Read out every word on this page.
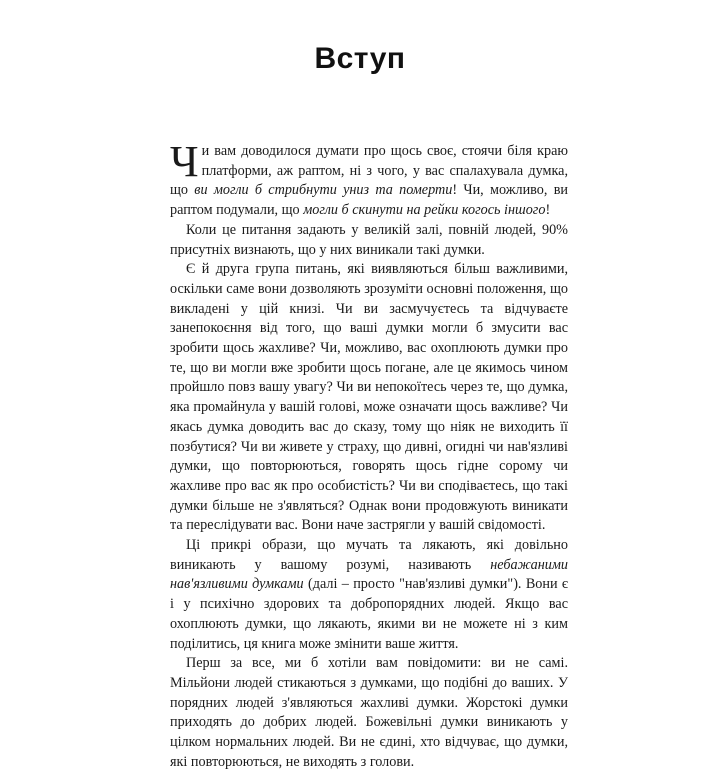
Вступ

Чи вам доводилося думати про щось своє, стоячи біля краю платформи, аж раптом, ні з чого, у вас спалахувала думка, що ви могли б стрибнути униз та померти! Чи, можливо, ви раптом подумали, що могли б скинути на рейки когось іншого!

Коли це питання задають у великій залі, повній людей, 90% присутніх визнають, що у них виникали такі думки.

Є й друга група питань, які виявляються більш важливими, оскільки саме вони дозволяють зрозуміти основні положення, що викладені у цій книзі. Чи ви засмучуєтесь та відчуваєте занепокоєння від того, що ваші думки могли б змусити вас зробити щось жахливе? Чи, можливо, вас охоплюють думки про те, що ви могли вже зробити щось погане, але це якимось чином пройшло повз вашу увагу? Чи ви непокоїтесь через те, що думка, яка промайнула у вашій голові, може означати щось важливе? Чи якась думка доводить вас до сказу, тому що ніяк не виходить її позбутися? Чи ви живете у страху, що дивні, огидні чи нав'язливі думки, що повторюються, говорять щось гідне сорому чи жахливе про вас як про особистість? Чи ви сподіваєтесь, що такі думки більше не з'являться? Однак вони продовжують виникати та переслідувати вас. Вони наче застрягли у вашій свідомості.

Ці прикрі образи, що мучать та лякають, які довільно виникають у вашому розумі, називають небажаними нав'язливими думками (далі – просто "нав'язливі думки"). Вони є і у психічно здорових та добропорядних людей. Якщо вас охоплюють думки, що лякають, якими ви не можете ні з ким поділитись, ця книга може змінити ваше життя.

Перш за все, ми б хотіли вам повідомити: ви не самі. Мільйони людей стикаються з думками, що подібні до ваших. У порядних людей з'являються жахливі думки. Жорстокі думки приходять до добрих людей. Божевільні думки виникають у цілком нормальних людей. Ви не єдині, хто відчуває, що думки, які повторюються, не виходять з голови.
